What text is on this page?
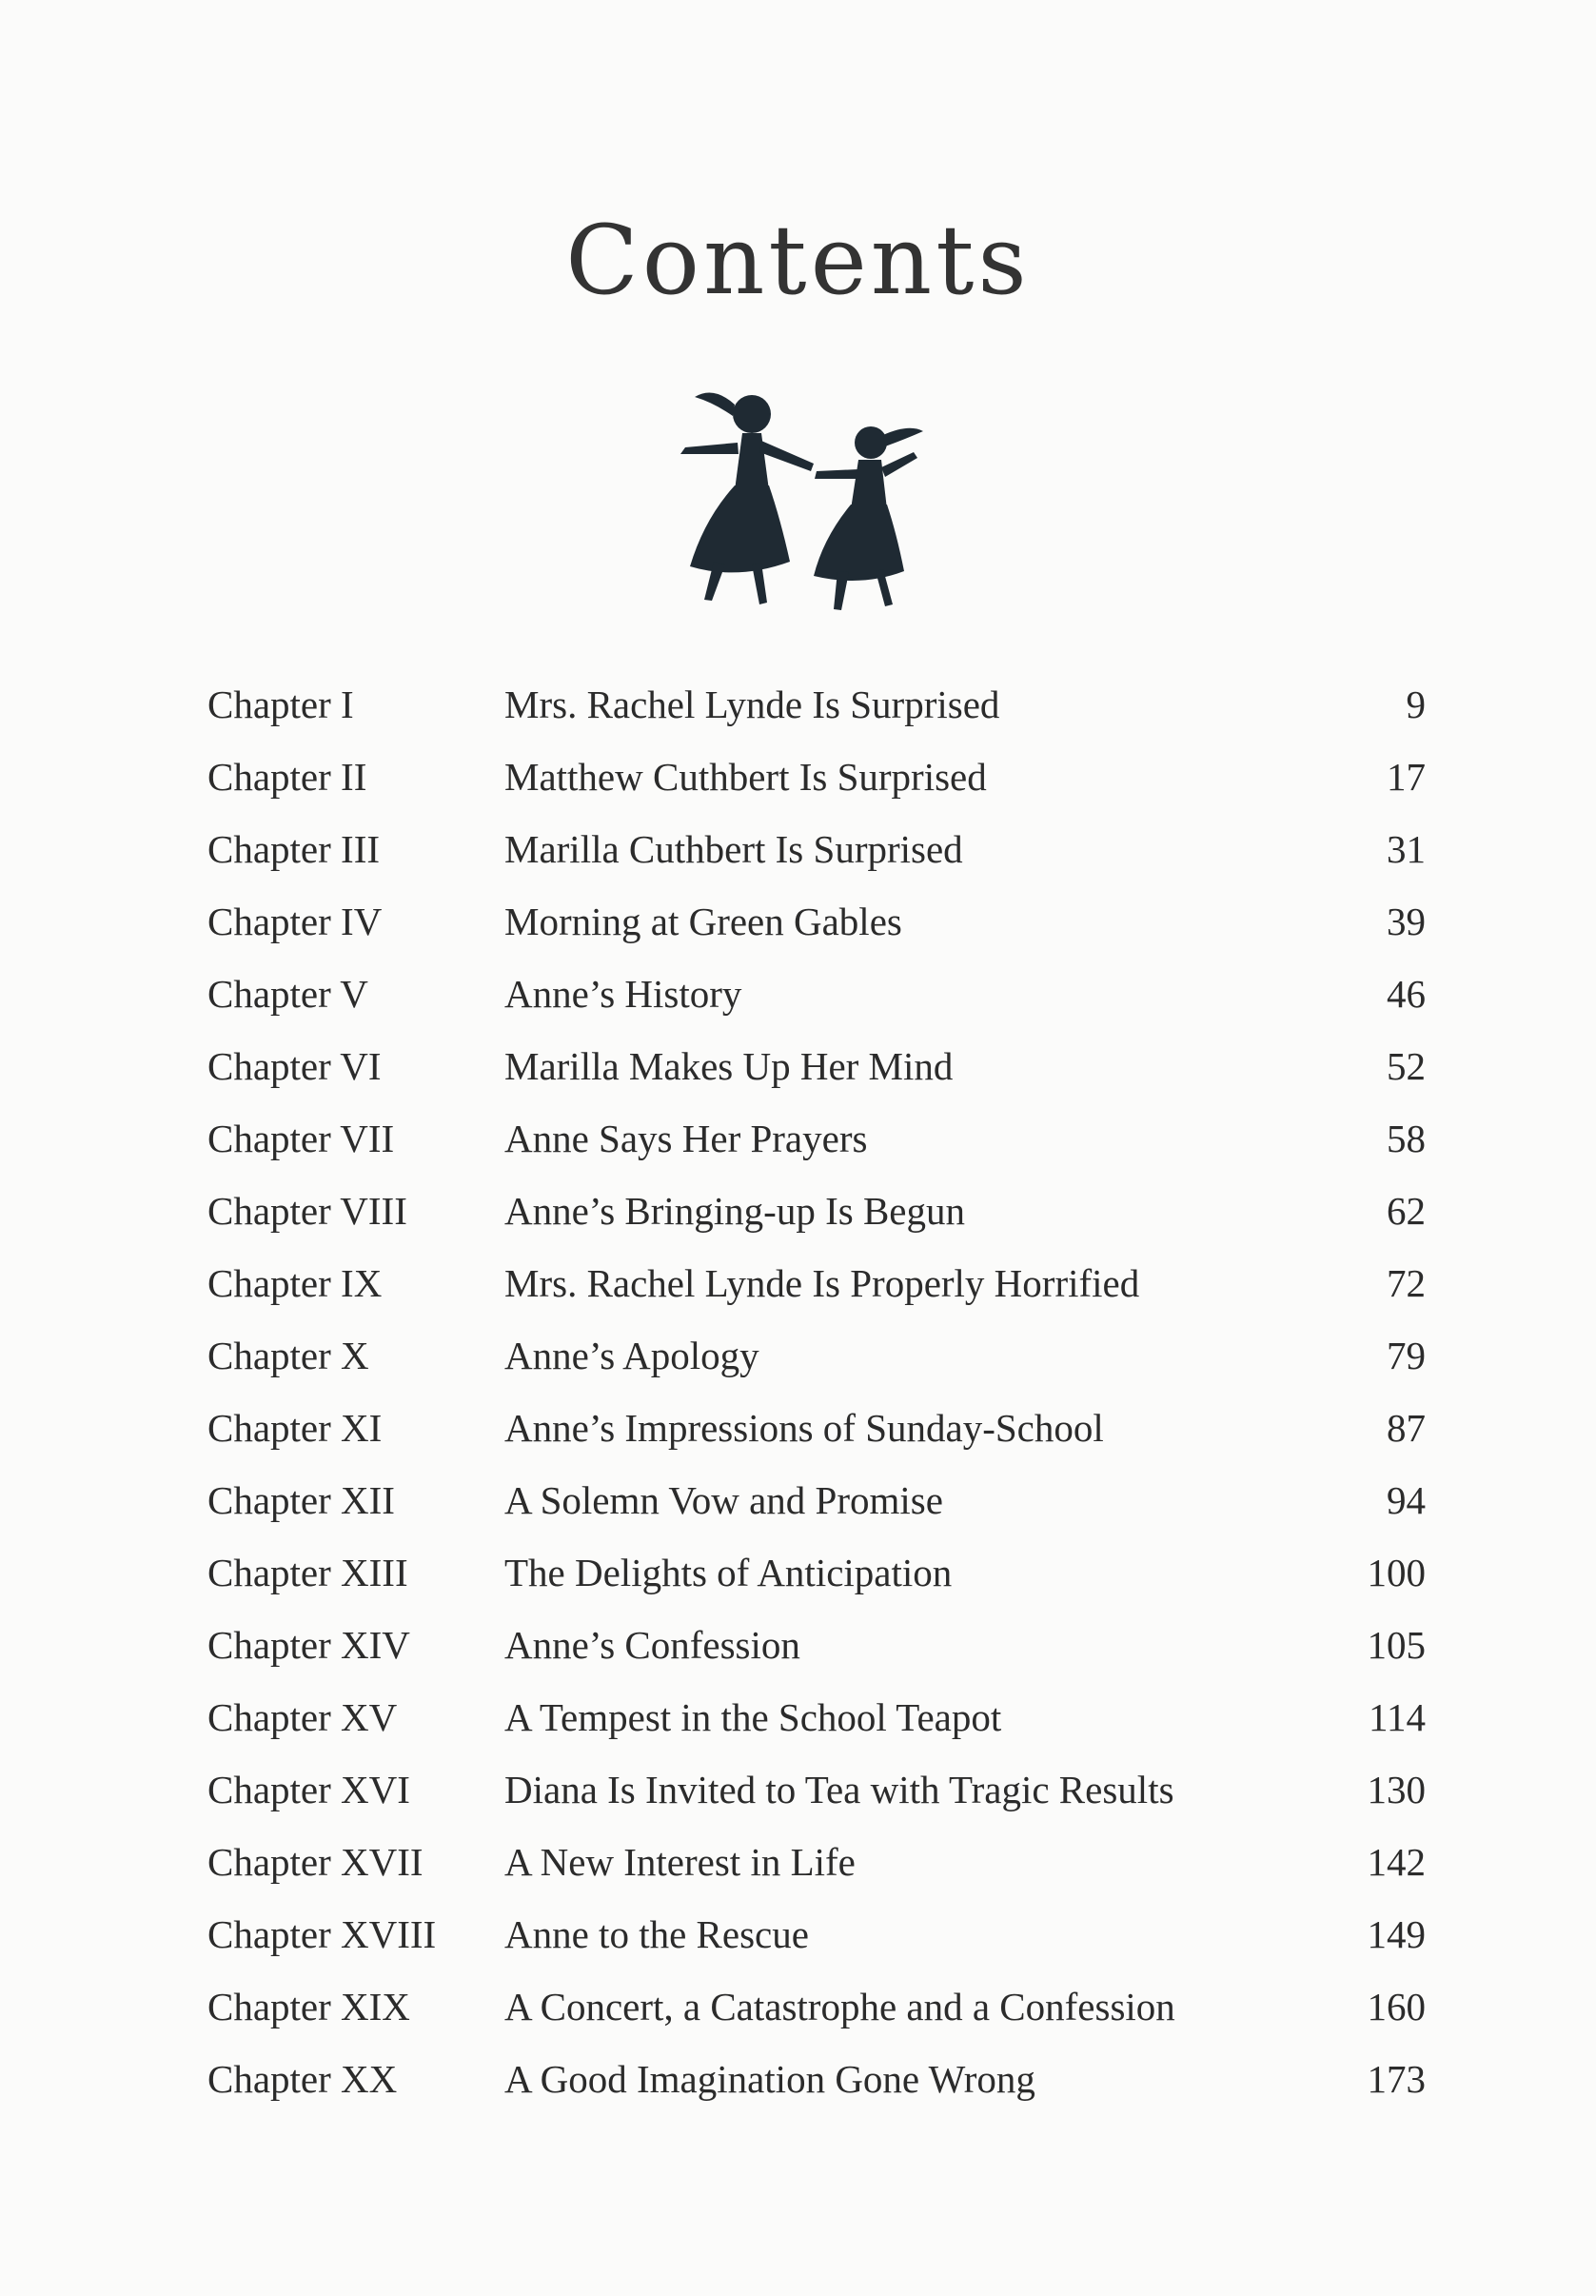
Contents
Chapter I	Mrs. Rachel Lynde Is Surprised	9
Chapter II	Matthew Cuthbert Is Surprised	17
Chapter III	Marilla Cuthbert Is Surprised	31
Chapter IV	Morning at Green Gables	39
Chapter V	Anne’s History	46
Chapter VI	Marilla Makes Up Her Mind	52
Chapter VII	Anne Says Her Prayers	58
Chapter VIII	Anne’s Bringing-up Is Begun	62
Chapter IX	Mrs. Rachel Lynde Is Properly Horrified	72
Chapter X	Anne’s Apology	79
Chapter XI	Anne’s Impressions of Sunday-School	87
Chapter XII	A Solemn Vow and Promise	94
Chapter XIII	The Delights of Anticipation	100
Chapter XIV	Anne’s Confession	105
Chapter XV	A Tempest in the School Teapot	114
Chapter XVI	Diana Is Invited to Tea with Tragic Results	130
Chapter XVII	A New Interest in Life	142
Chapter XVIII	Anne to the Rescue	149
Chapter XIX	A Concert, a Catastrophe and a Confession	160
Chapter XX	A Good Imagination Gone Wrong	173
